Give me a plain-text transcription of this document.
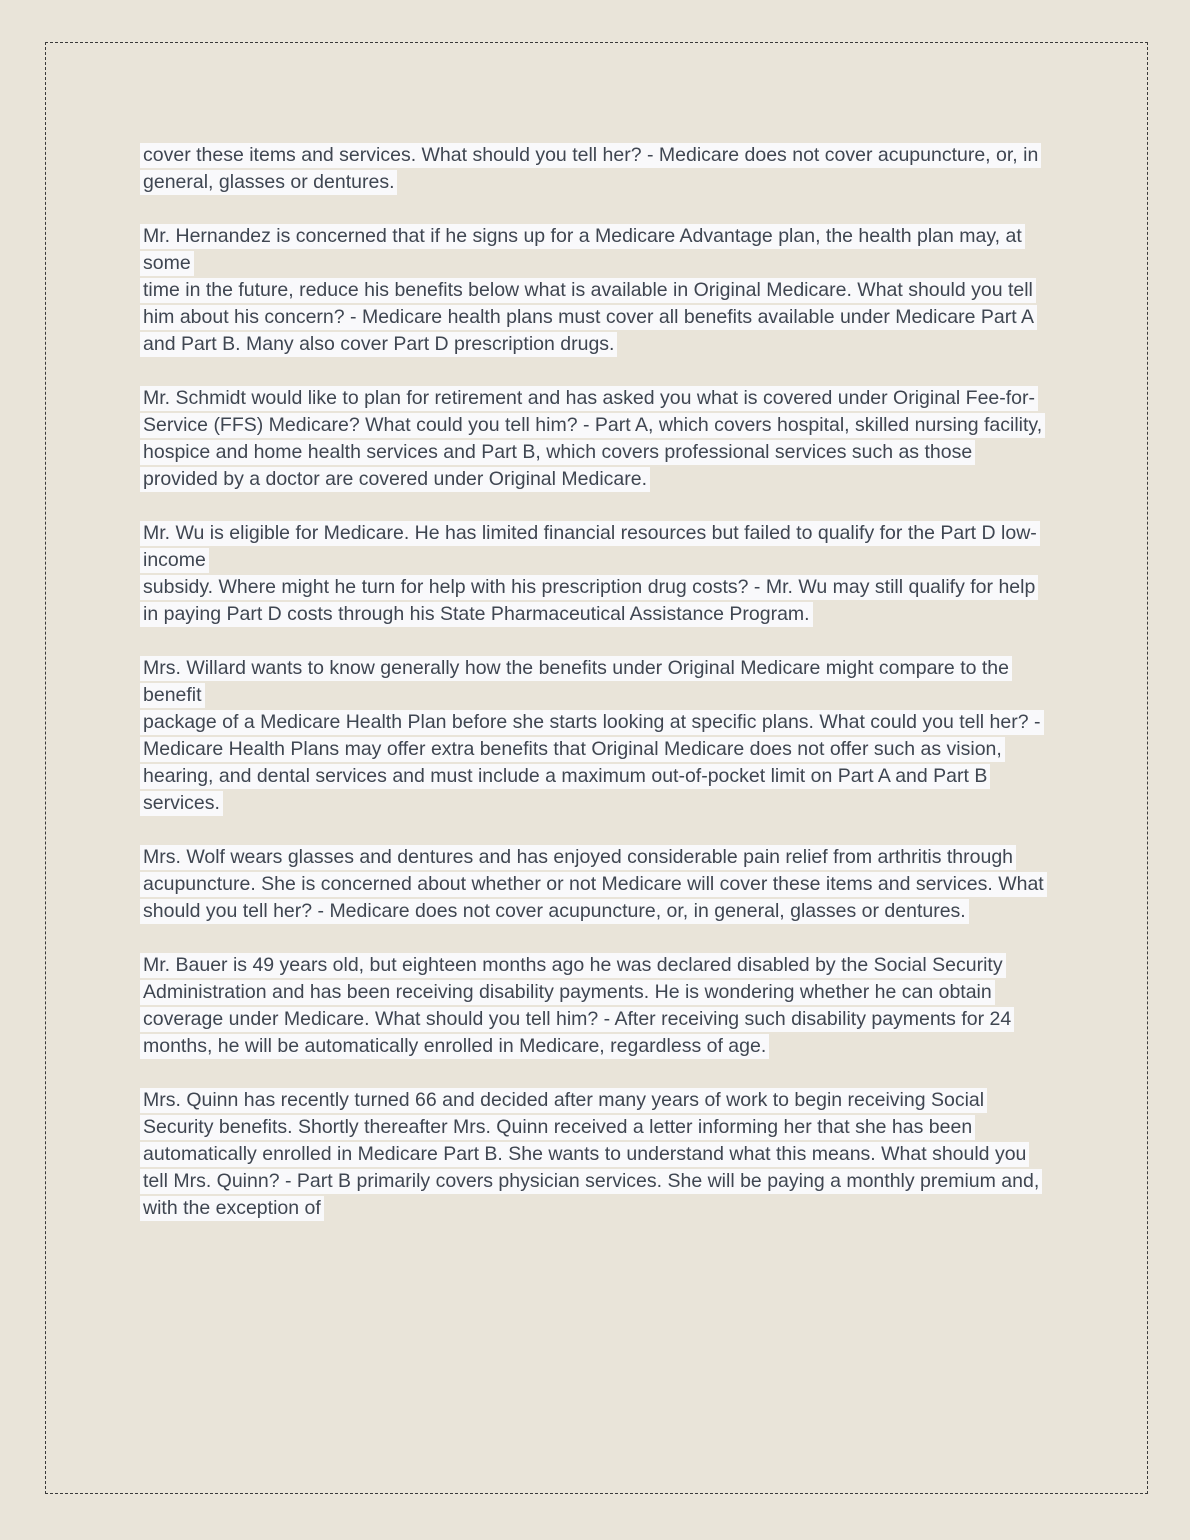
cover these items and services. What should you tell her? - Medicare does not cover acupuncture, or, in general, glasses or dentures.

Mr. Hernandez is concerned that if he signs up for a Medicare Advantage plan, the health plan may, at some
time in the future, reduce his benefits below what is available in Original Medicare. What should you tell him about his concern? - Medicare health plans must cover all benefits available under Medicare Part A and Part B. Many also cover Part D prescription drugs.

Mr. Schmidt would like to plan for retirement and has asked you what is covered under Original Fee-for-Service (FFS) Medicare? What could you tell him? - Part A, which covers hospital, skilled nursing facility, hospice and home health services and Part B, which covers professional services such as those provided by a doctor are covered under Original Medicare.

Mr. Wu is eligible for Medicare. He has limited financial resources but failed to qualify for the Part D low-income
subsidy. Where might he turn for help with his prescription drug costs? - Mr. Wu may still qualify for help in paying Part D costs through his State Pharmaceutical Assistance Program.

Mrs. Willard wants to know generally how the benefits under Original Medicare might compare to the benefit
package of a Medicare Health Plan before she starts looking at specific plans. What could you tell her? - Medicare Health Plans may offer extra benefits that Original Medicare does not offer such as vision, hearing, and dental services and must include a maximum out-of-pocket limit on Part A and Part B services.

Mrs. Wolf wears glasses and dentures and has enjoyed considerable pain relief from arthritis through
acupuncture. She is concerned about whether or not Medicare will cover these items and services. What should you tell her? - Medicare does not cover acupuncture, or, in general, glasses or dentures.

Mr. Bauer is 49 years old, but eighteen months ago he was declared disabled by the Social Security Administration and has been receiving disability payments. He is wondering whether he can obtain coverage under Medicare. What should you tell him? - After receiving such disability payments for 24 months, he will be automatically enrolled in Medicare, regardless of age.

Mrs. Quinn has recently turned 66 and decided after many years of work to begin receiving Social Security benefits. Shortly thereafter Mrs. Quinn received a letter informing her that she has been automatically enrolled in Medicare Part B. She wants to understand what this means. What should you tell Mrs. Quinn? - Part B primarily covers physician services. She will be paying a monthly premium and, with the exception of
